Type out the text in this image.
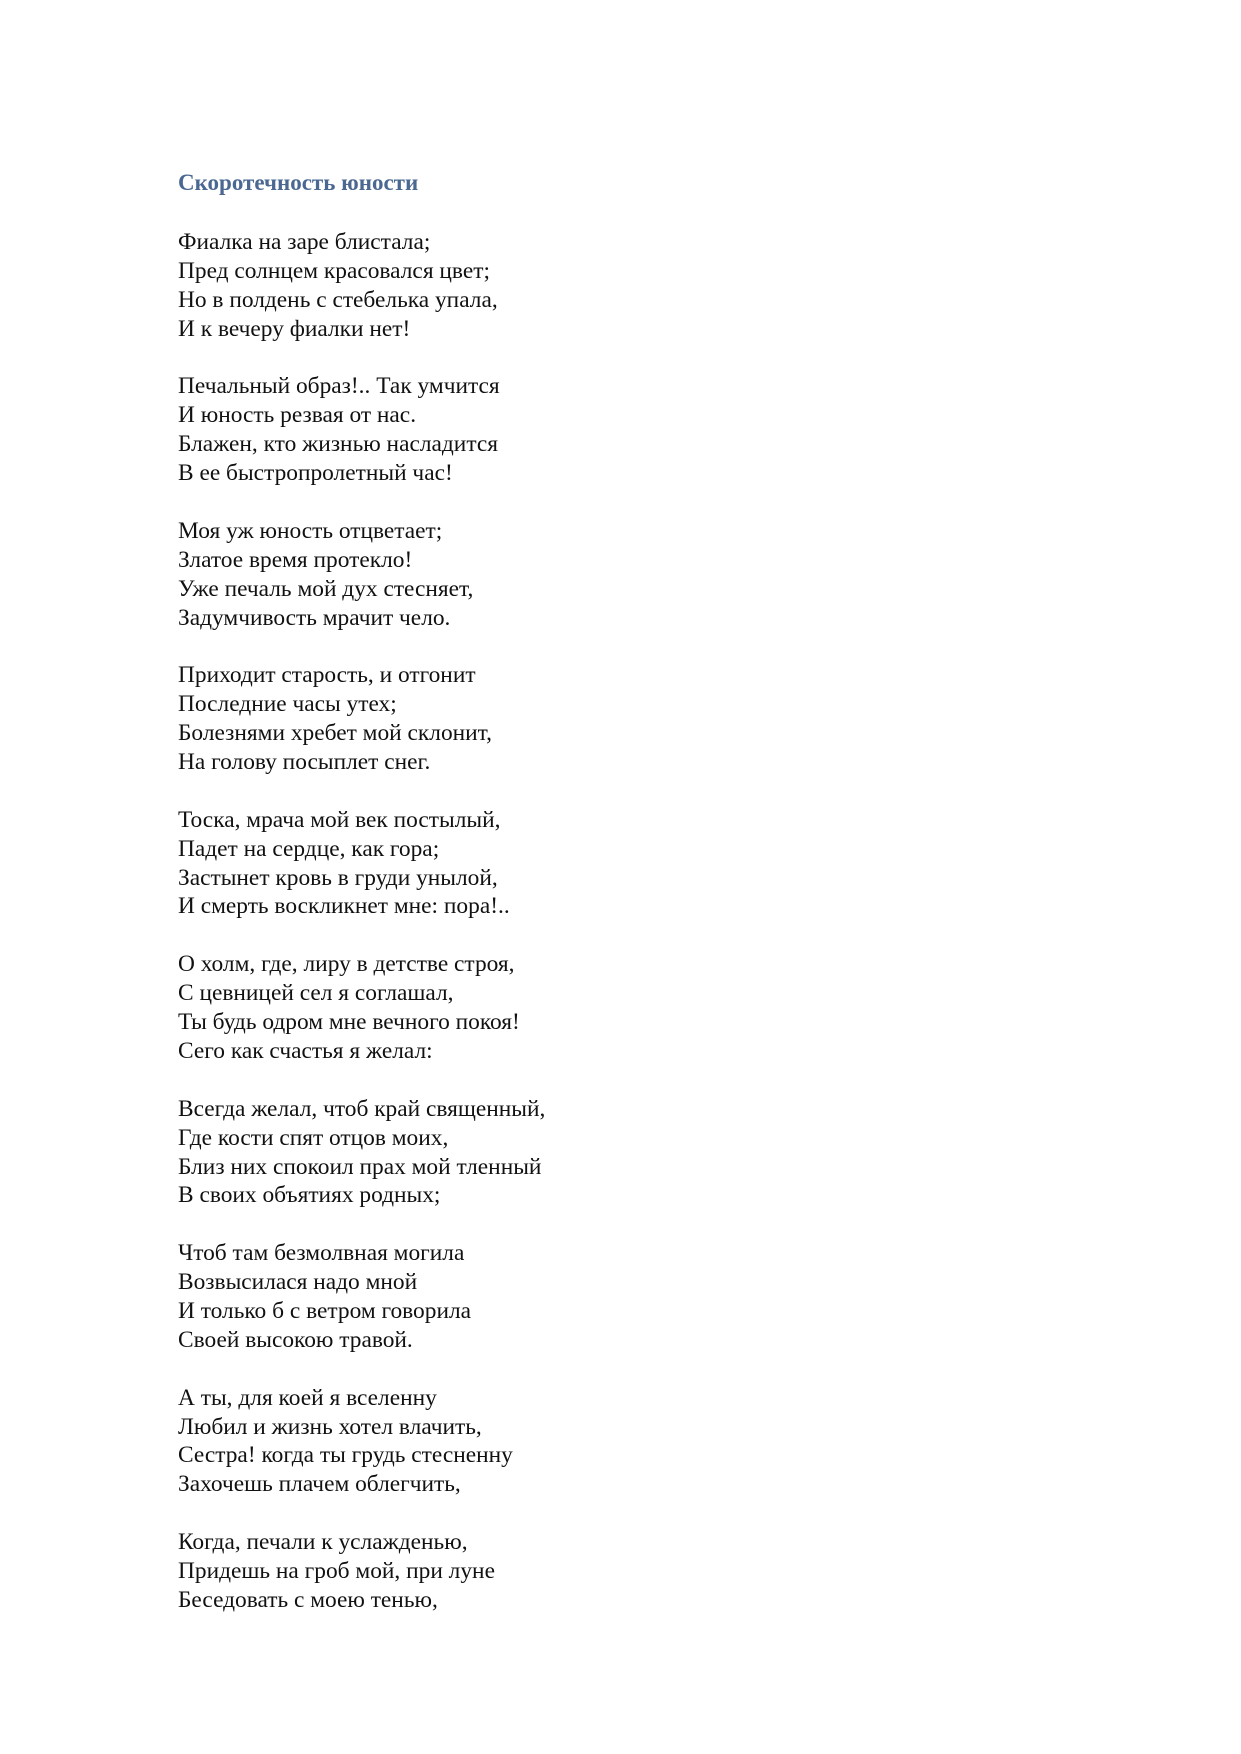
Скоротечность юности
Фиалка на заре блистала;
Пред солнцем красовался цвет;
Но в полдень с стебелька упала,
И к вечеру фиалки нет!
Печальный образ!.. Так умчится
И юность резвая от нас.
Блажен, кто жизнью насладится
В ее быстропролетный час!
Моя уж юность отцветает;
Златое время протекло!
Уже печаль мой дух стесняет,
Задумчивость мрачит чело.
Приходит старость, и отгонит
Последние часы утех;
Болезнями хребет мой склонит,
На голову посыплет снег.
Тоска, мрача мой век постылый,
Падет на сердце, как гора;
Застынет кровь в груди унылой,
И смерть воскликнет мне: пора!..
О холм, где, лиру в детстве строя,
С цевницей сел я соглашал,
Ты будь одром мне вечного покоя!
Сего как счастья я желал:
Всегда желал, чтоб край священный,
Где кости спят отцов моих,
Близ них спокоил прах мой тленный
В своих объятиях родных;
Чтоб там безмолвная могила
Возвысилася надо мной
И только б с ветром говорила
Своей высокою травой.
А ты, для коей я вселенну
Любил и жизнь хотел влачить,
Сестра! когда ты грудь стесненну
Захочешь плачем облегчить,
Когда, печали к услажденью,
Придешь на гроб мой, при луне
Беседовать с моею тенью,
